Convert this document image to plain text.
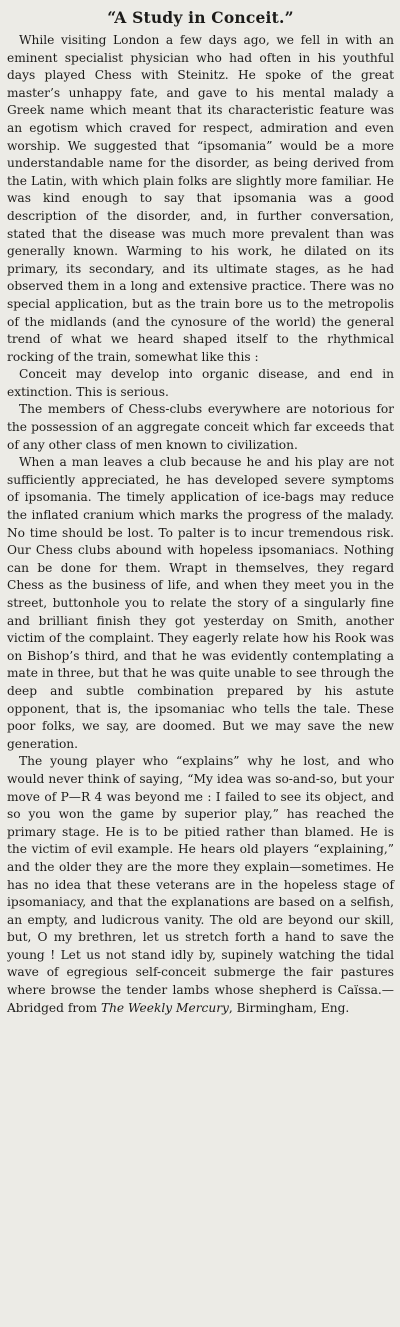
“A Study in Conceit.”

While visiting London a few days ago, we fell in with an eminent specialist physician who had often in his youthful days played Chess with Steinitz. He spoke of the great master’s unhappy fate, and gave to his mental malady a Greek name which meant that its characteristic feature was an egotism which craved for respect, admiration and even worship. We suggested that “ipsomania” would be a more understandable name for the disorder, as being derived from the Latin, with which plain folks are slightly more familiar. He was kind enough to say that ipsomania was a good description of the disorder, and, in further conversation, stated that the disease was much more prevalent than was generally known. Warming to his work, he dilated on its primary, its secondary, and its ultimate stages, as he had observed them in a long and extensive practice. There was no special application, but as the train bore us to the metropolis of the midlands (and the cynosure of the world) the general trend of what we heard shaped itself to the rhythmical rocking of the train, somewhat like this :

Conceit may develop into organic disease, and end in extinction. This is serious.

The members of Chess-clubs everywhere are notorious for the possession of an aggregate conceit which far exceeds that of any other class of men known to civilization.

When a man leaves a club because he and his play are not sufficiently appreciated, he has developed severe symptoms of ipsomania. The timely application of ice-bags may reduce the inflated cranium which marks the progress of the malady. No time should be lost. To palter is to incur tremendous risk. Our Chess clubs abound with hopeless ipsomaniacs. Nothing can be done for them. Wrapt in themselves, they regard Chess as the business of life, and when they meet you in the street, buttonhole you to relate the story of a singularly fine and brilliant finish they got yesterday on Smith, another victim of the complaint. They eagerly relate how his Rook was on Bishop’s third, and that he was evidently contemplating a mate in three, but that he was quite unable to see through the deep and subtle combination prepared by his astute opponent, that is, the ipsomaniac who tells the tale. These poor folks, we say, are doomed. But we may save the new generation.

The young player who “explains” why he lost, and who would never think of saying, “My idea was so-and-so, but your move of P—R 4 was beyond me : I failed to see its object, and so you won the game by superior play,” has reached the primary stage. He is to be pitied rather than blamed. He is the victim of evil example. He hears old players “explaining,” and the older they are the more they explain—sometimes. He has no idea that these veterans are in the hopeless stage of ipsomaniacy, and that the explanations are based on a selfish, an empty, and ludicrous vanity. The old are beyond our skill, but, O my brethren, let us stretch forth a hand to save the young ! Let us not stand idly by, supinely watching the tidal wave of egregious self-conceit submerge the fair pastures where browse the tender lambs whose shepherd is Caïssa.—Abridged from The Weekly Mercury, Birmingham, Eng.
